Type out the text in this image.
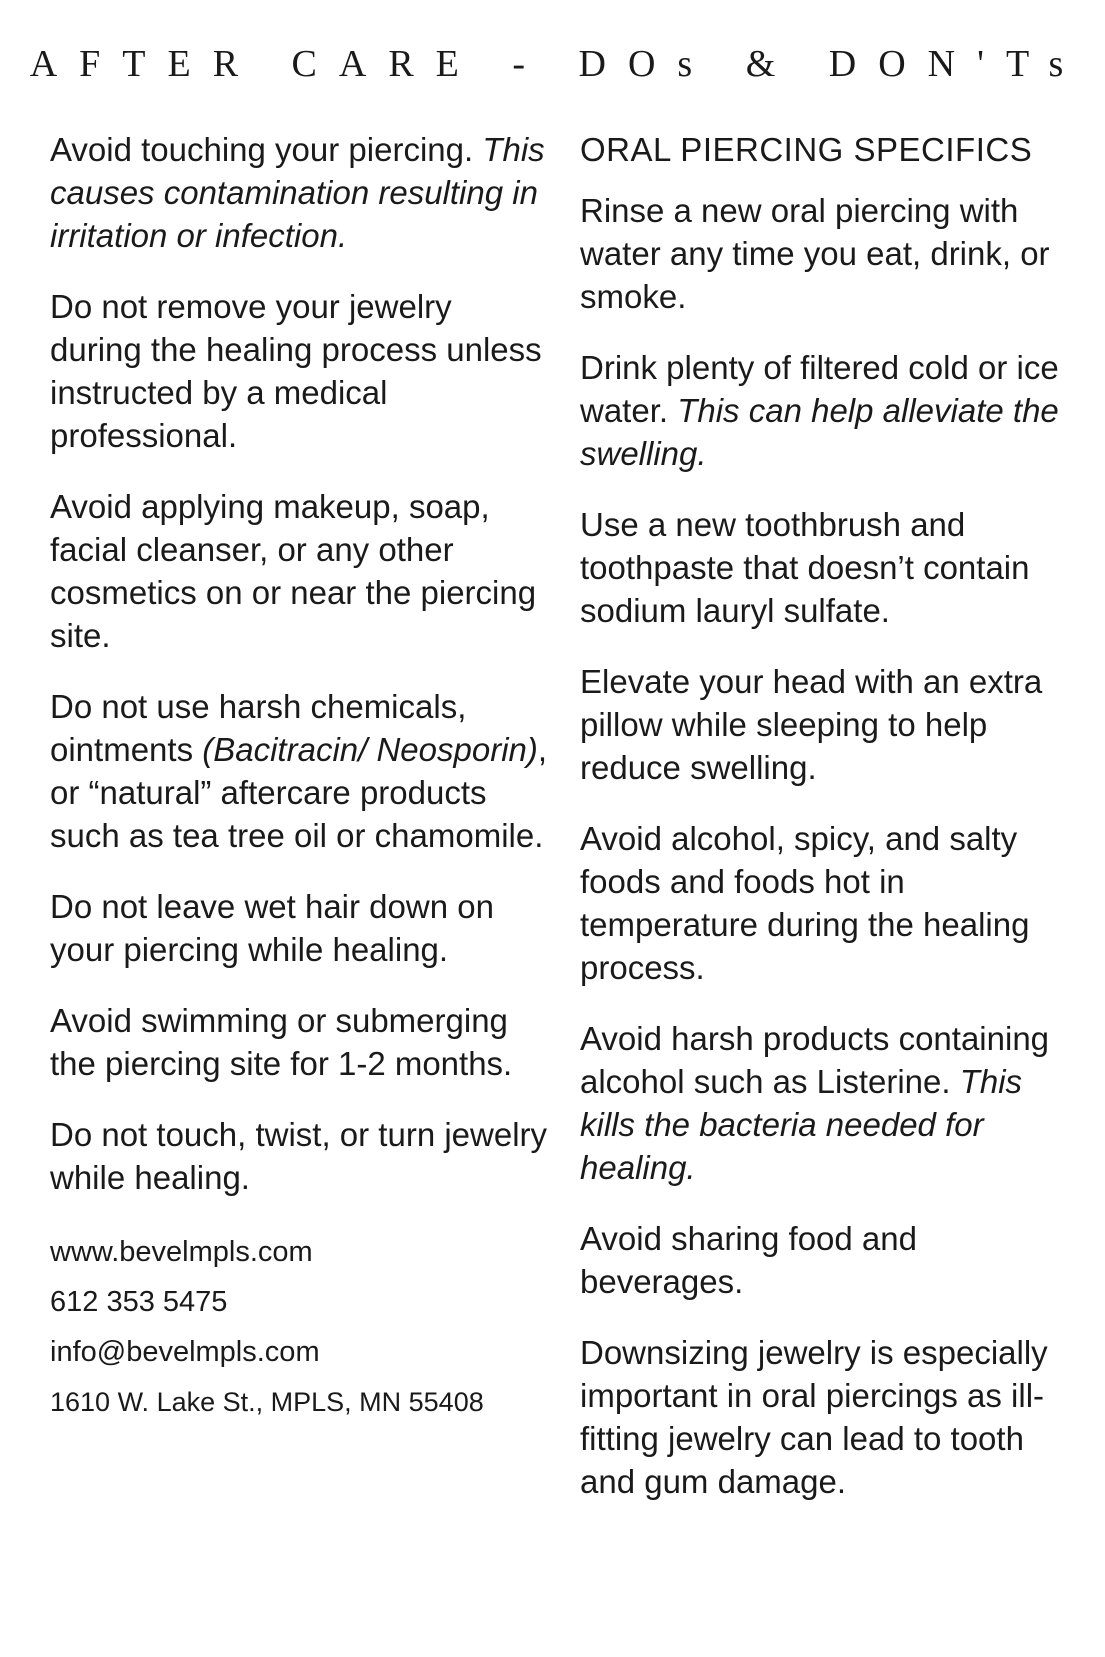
AFTER CARE - DOs & DON'Ts

Avoid touching your piercing. This causes contamination resulting in irritation or infection.

Do not remove your jewelry during the healing process unless instructed by a medical professional.

Avoid applying makeup, soap, facial cleanser, or any other cosmetics on or near the piercing site.

Do not use harsh chemicals, ointments (Bacitracin/ Neosporin), or “natural” aftercare products such as tea tree oil or chamomile.

Do not leave wet hair down on your piercing while healing.

Avoid swimming or submerging the piercing site for 1-2 months.

Do not touch, twist, or turn jewelry while healing.

www.bevelmpls.com
612 353 5475
info@bevelmpls.com
1610 W. Lake St., MPLS, MN 55408
ORAL PIERCING SPECIFICS

Rinse a new oral piercing with water any time you eat, drink, or smoke.

Drink plenty of filtered cold or ice water. This can help alleviate the swelling.

Use a new toothbrush and toothpaste that doesn’t contain sodium lauryl sulfate.

Elevate your head with an extra pillow while sleeping to help reduce swelling.

Avoid alcohol, spicy, and salty foods and foods hot in temperature during the healing process.

Avoid harsh products containing alcohol such as Listerine. This kills the bacteria needed for healing.

Avoid sharing food and beverages.

Downsizing jewelry is especially important in oral piercings as ill-fitting jewelry can lead to tooth and gum damage.
